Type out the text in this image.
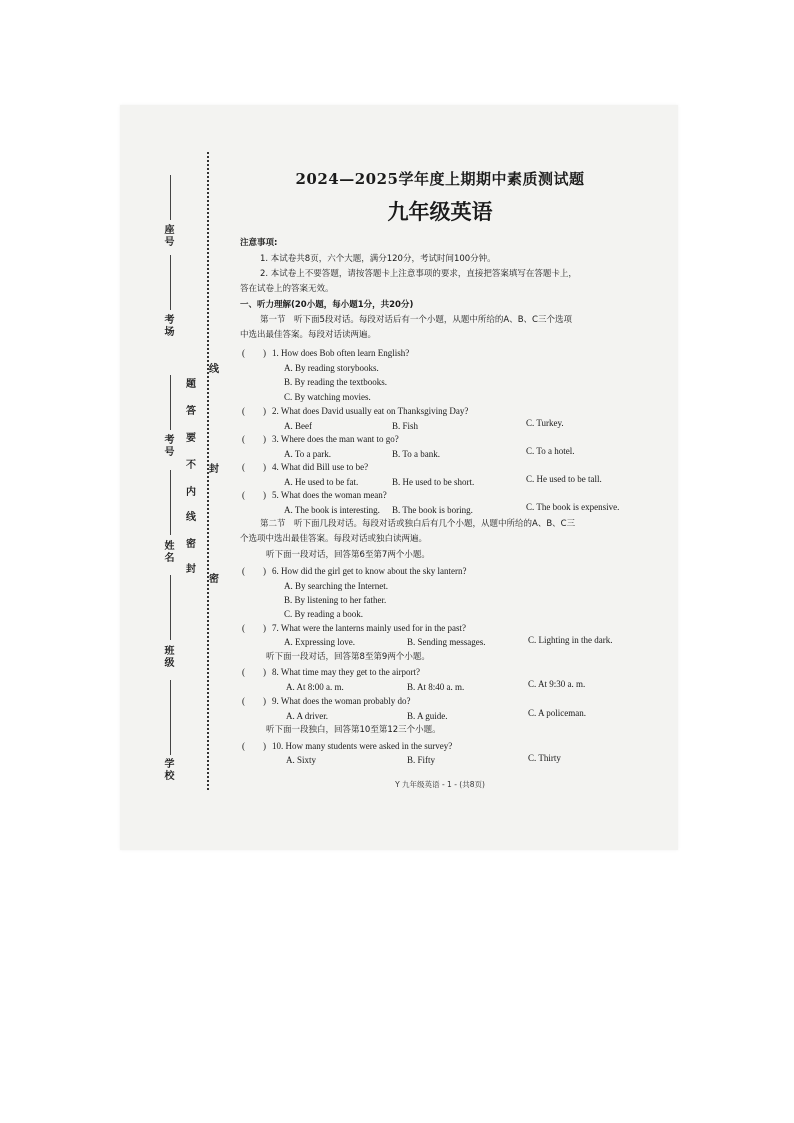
座号
考场
考号
姓名
班级
学校
线
题
答
要
不
内
封
线
密
封
密
2024—2025学年度上期期中素质测试题
九年级英语
注意事项:
1. 本试卷共8页，六个大题，满分120分，考试时间100分钟。
2. 本试卷上不要答题，请按答题卡上注意事项的要求，直接把答案填写在答题卡上，
答在试卷上的答案无效。
一、听力理解(20小题，每小题1分，共20分)
第一节　听下面5段对话。每段对话后有一个小题，从题中所给的A、B、C三个选项
中选出最佳答案。每段对话读两遍。
(　　) 1. How does Bob often learn English?
A. By reading storybooks.
B. By reading the textbooks.
C. By watching movies.
(　　) 2. What does David usually eat on Thanksgiving Day?
A. Beef	B. Fish	C. Turkey.
(　　) 3. Where does the man want to go?
A. To a park.	B. To a bank.	C. To a hotel.
(　　) 4. What did Bill use to be?
A. He used to be fat.	B. He used to be short.	C. He used to be tall.
(　　) 5. What does the woman mean?
A. The book is interesting. B. The book is boring.	C. The book is expensive.
第二节　听下面几段对话。每段对话或独白后有几个小题，从题中所给的A、B、C三
个选项中选出最佳答案。每段对话或独白读两遍。
听下面一段对话，回答第6至第7两个小题。
(　　) 6. How did the girl get to know about the sky lantern?
A. By searching the Internet.
B. By listening to her father.
C. By reading a book.
(　　) 7. What were the lanterns mainly used for in the past?
A. Expressing love.	B. Sending messages.	C. Lighting in the dark.
听下面一段对话，回答第8至第9两个小题。
(　　) 8. What time may they get to the airport?
A. At 8:00 a. m.	B. At 8:40 a. m.	C. At 9:30 a. m.
(　　) 9. What does the woman probably do?
A. A driver.	B. A guide.	C. A policeman.
听下面一段独白，回答第10至第12三个小题。
(　　) 10. How many students were asked in the survey?
A. Sixty	B. Fifty	C. Thirty
Y 九年级英语 - 1 - (共8页)
